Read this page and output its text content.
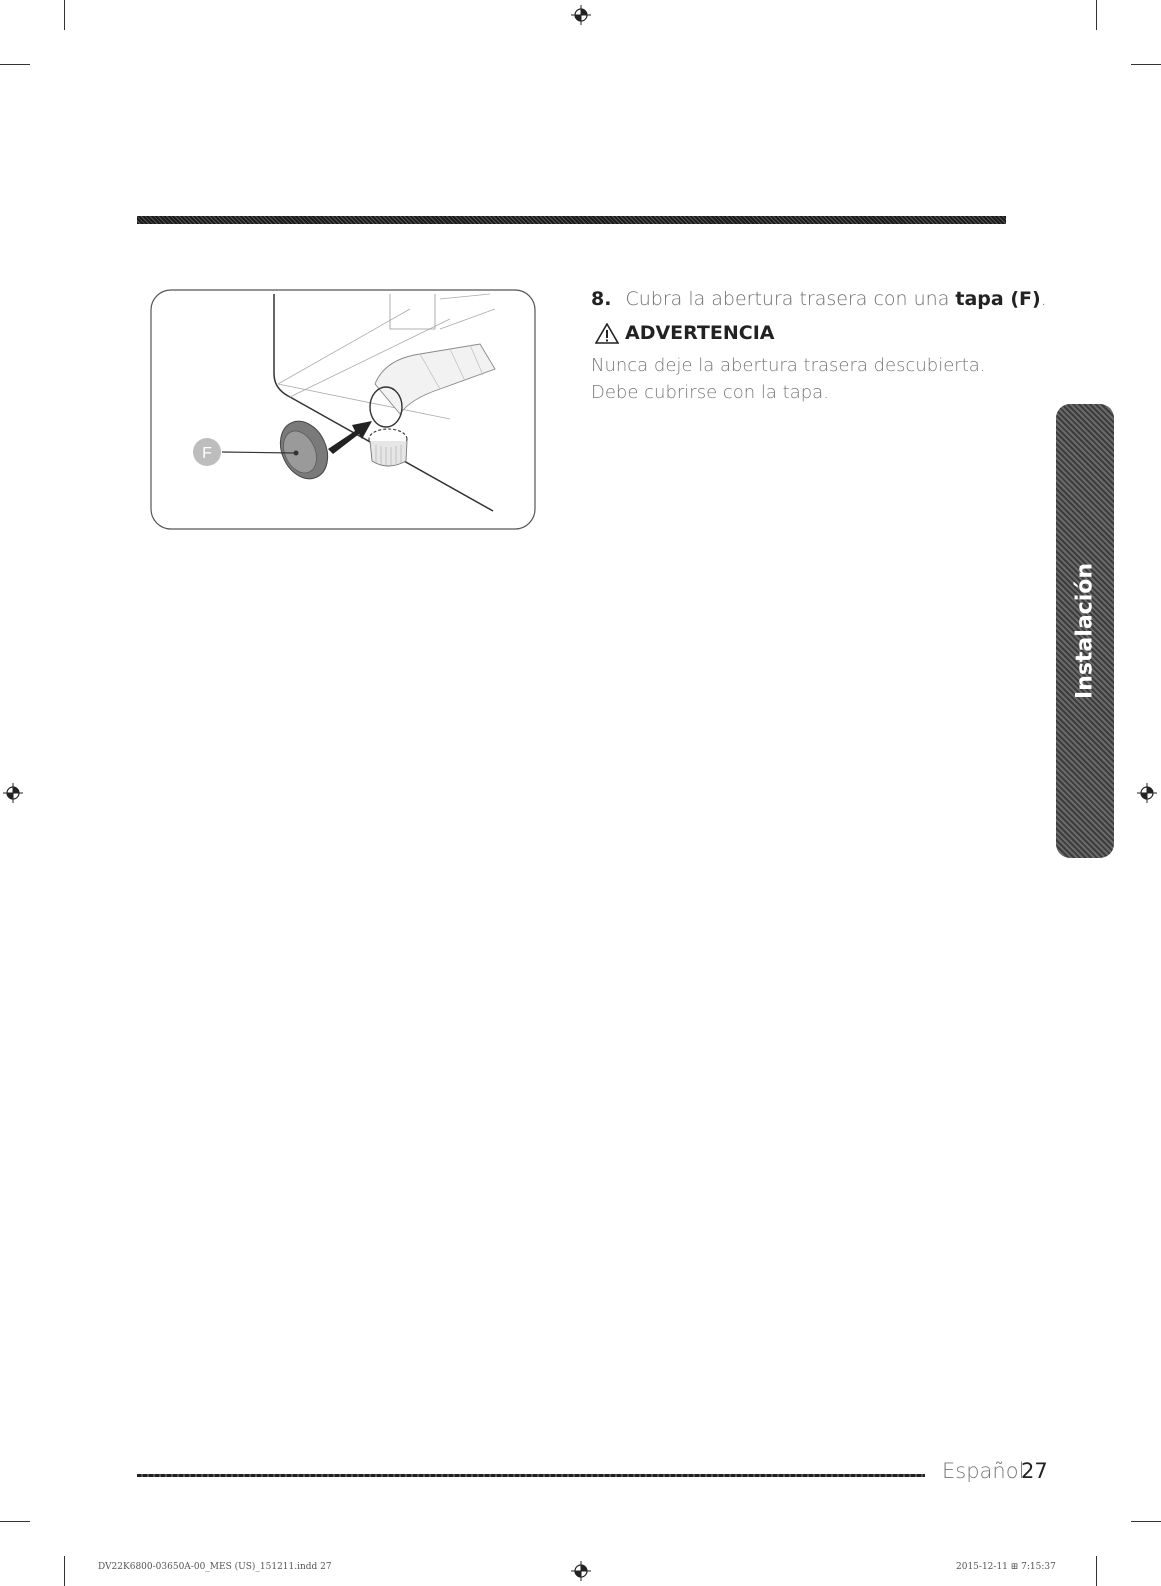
F
8. Cubra la abertura trasera con una tapa (F).
ADVERTENCIA
Nunca deje la abertura trasera descubierta. Debe cubrirse con la tapa.
Instalación
Español
27
DV22K6800-03650A-00_MES (US)_151211.indd 27	2015-12-11 ⊞ 7:15:37
